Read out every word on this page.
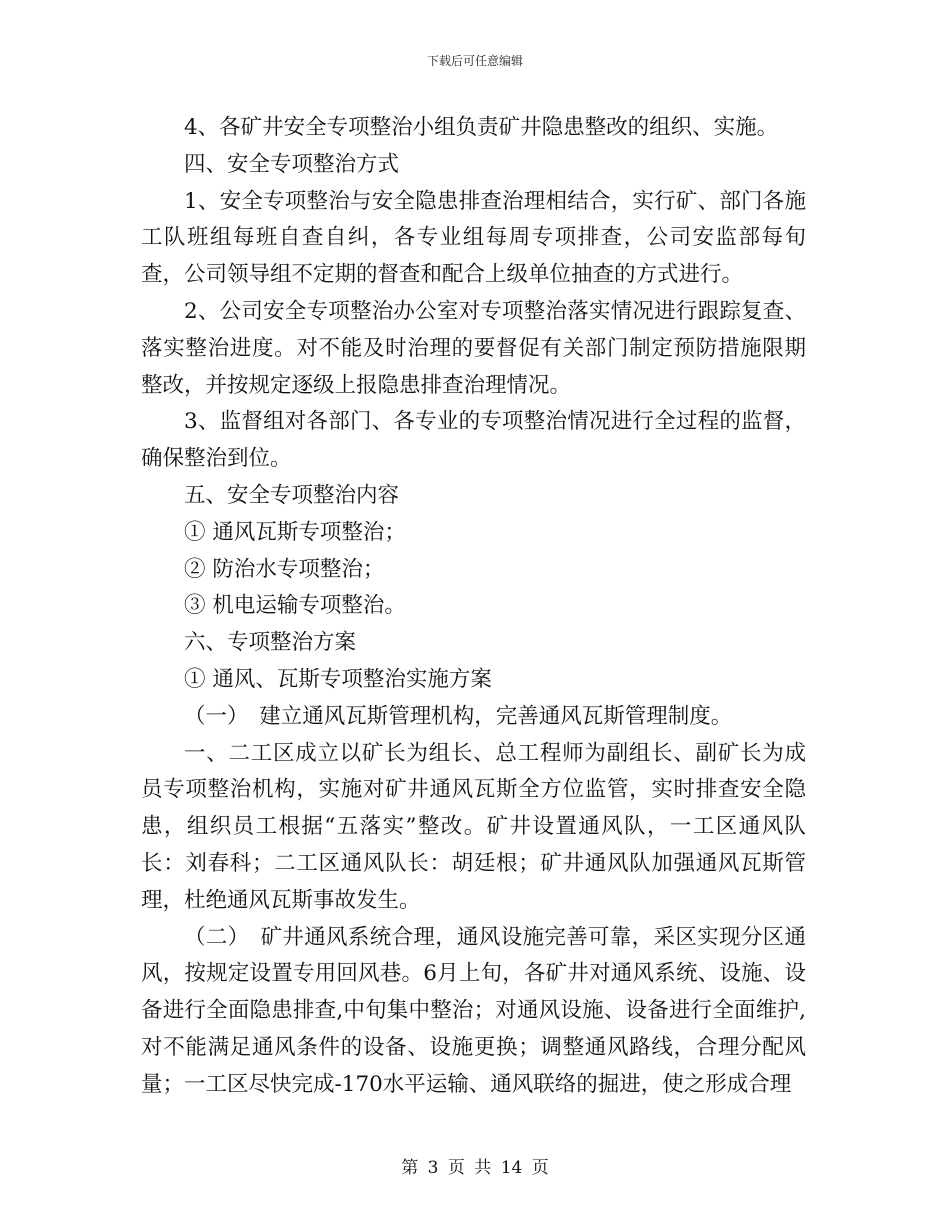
下载后可任意编辑

4、各矿井安全专项整治小组负责矿井隐患整改的组织、实施。

四、安全专项整治方式

1、安全专项整治与安全隐患排查治理相结合，实行矿、部门各施工队班组每班自查自纠，各专业组每周专项排查，公司安监部每旬查，公司领导组不定期的督查和配合上级单位抽查的方式进行。

2、公司安全专项整治办公室对专项整治落实情况进行跟踪复查、落实整治进度。对不能及时治理的要督促有关部门制定预防措施限期整改，并按规定逐级上报隐患排查治理情况。

3、监督组对各部门、各专业的专项整治情况进行全过程的监督，确保整治到位。

五、安全专项整治内容

① 通风瓦斯专项整治；

② 防治水专项整治；

③ 机电运输专项整治。

六、专项整治方案

① 通风、瓦斯专项整治实施方案

（一）　建立通风瓦斯管理机构，完善通风瓦斯管理制度。

一、二工区成立以矿长为组长、总工程师为副组长、副矿长为成员专项整治机构，实施对矿井通风瓦斯全方位监管，实时排查安全隐患，组织员工根据“五落实”整改。矿井设置通风队，一工区通风队长：刘春科；二工区通风队长：胡廷根；矿井通风队加强通风瓦斯管理，杜绝通风瓦斯事故发生。

（二）　矿井通风系统合理，通风设施完善可靠，采区实现分区通风，按规定设置专用回风巷。6月上旬，各矿井对通风系统、设施、设备进行全面隐患排查,中旬集中整治；对通风设施、设备进行全面维护,对不能满足通风条件的设备、设施更换；调整通风路线，合理分配风量；一工区尽快完成-170水平运输、通风联络的掘进，使之形成合理

第 3 页 共 14 页
